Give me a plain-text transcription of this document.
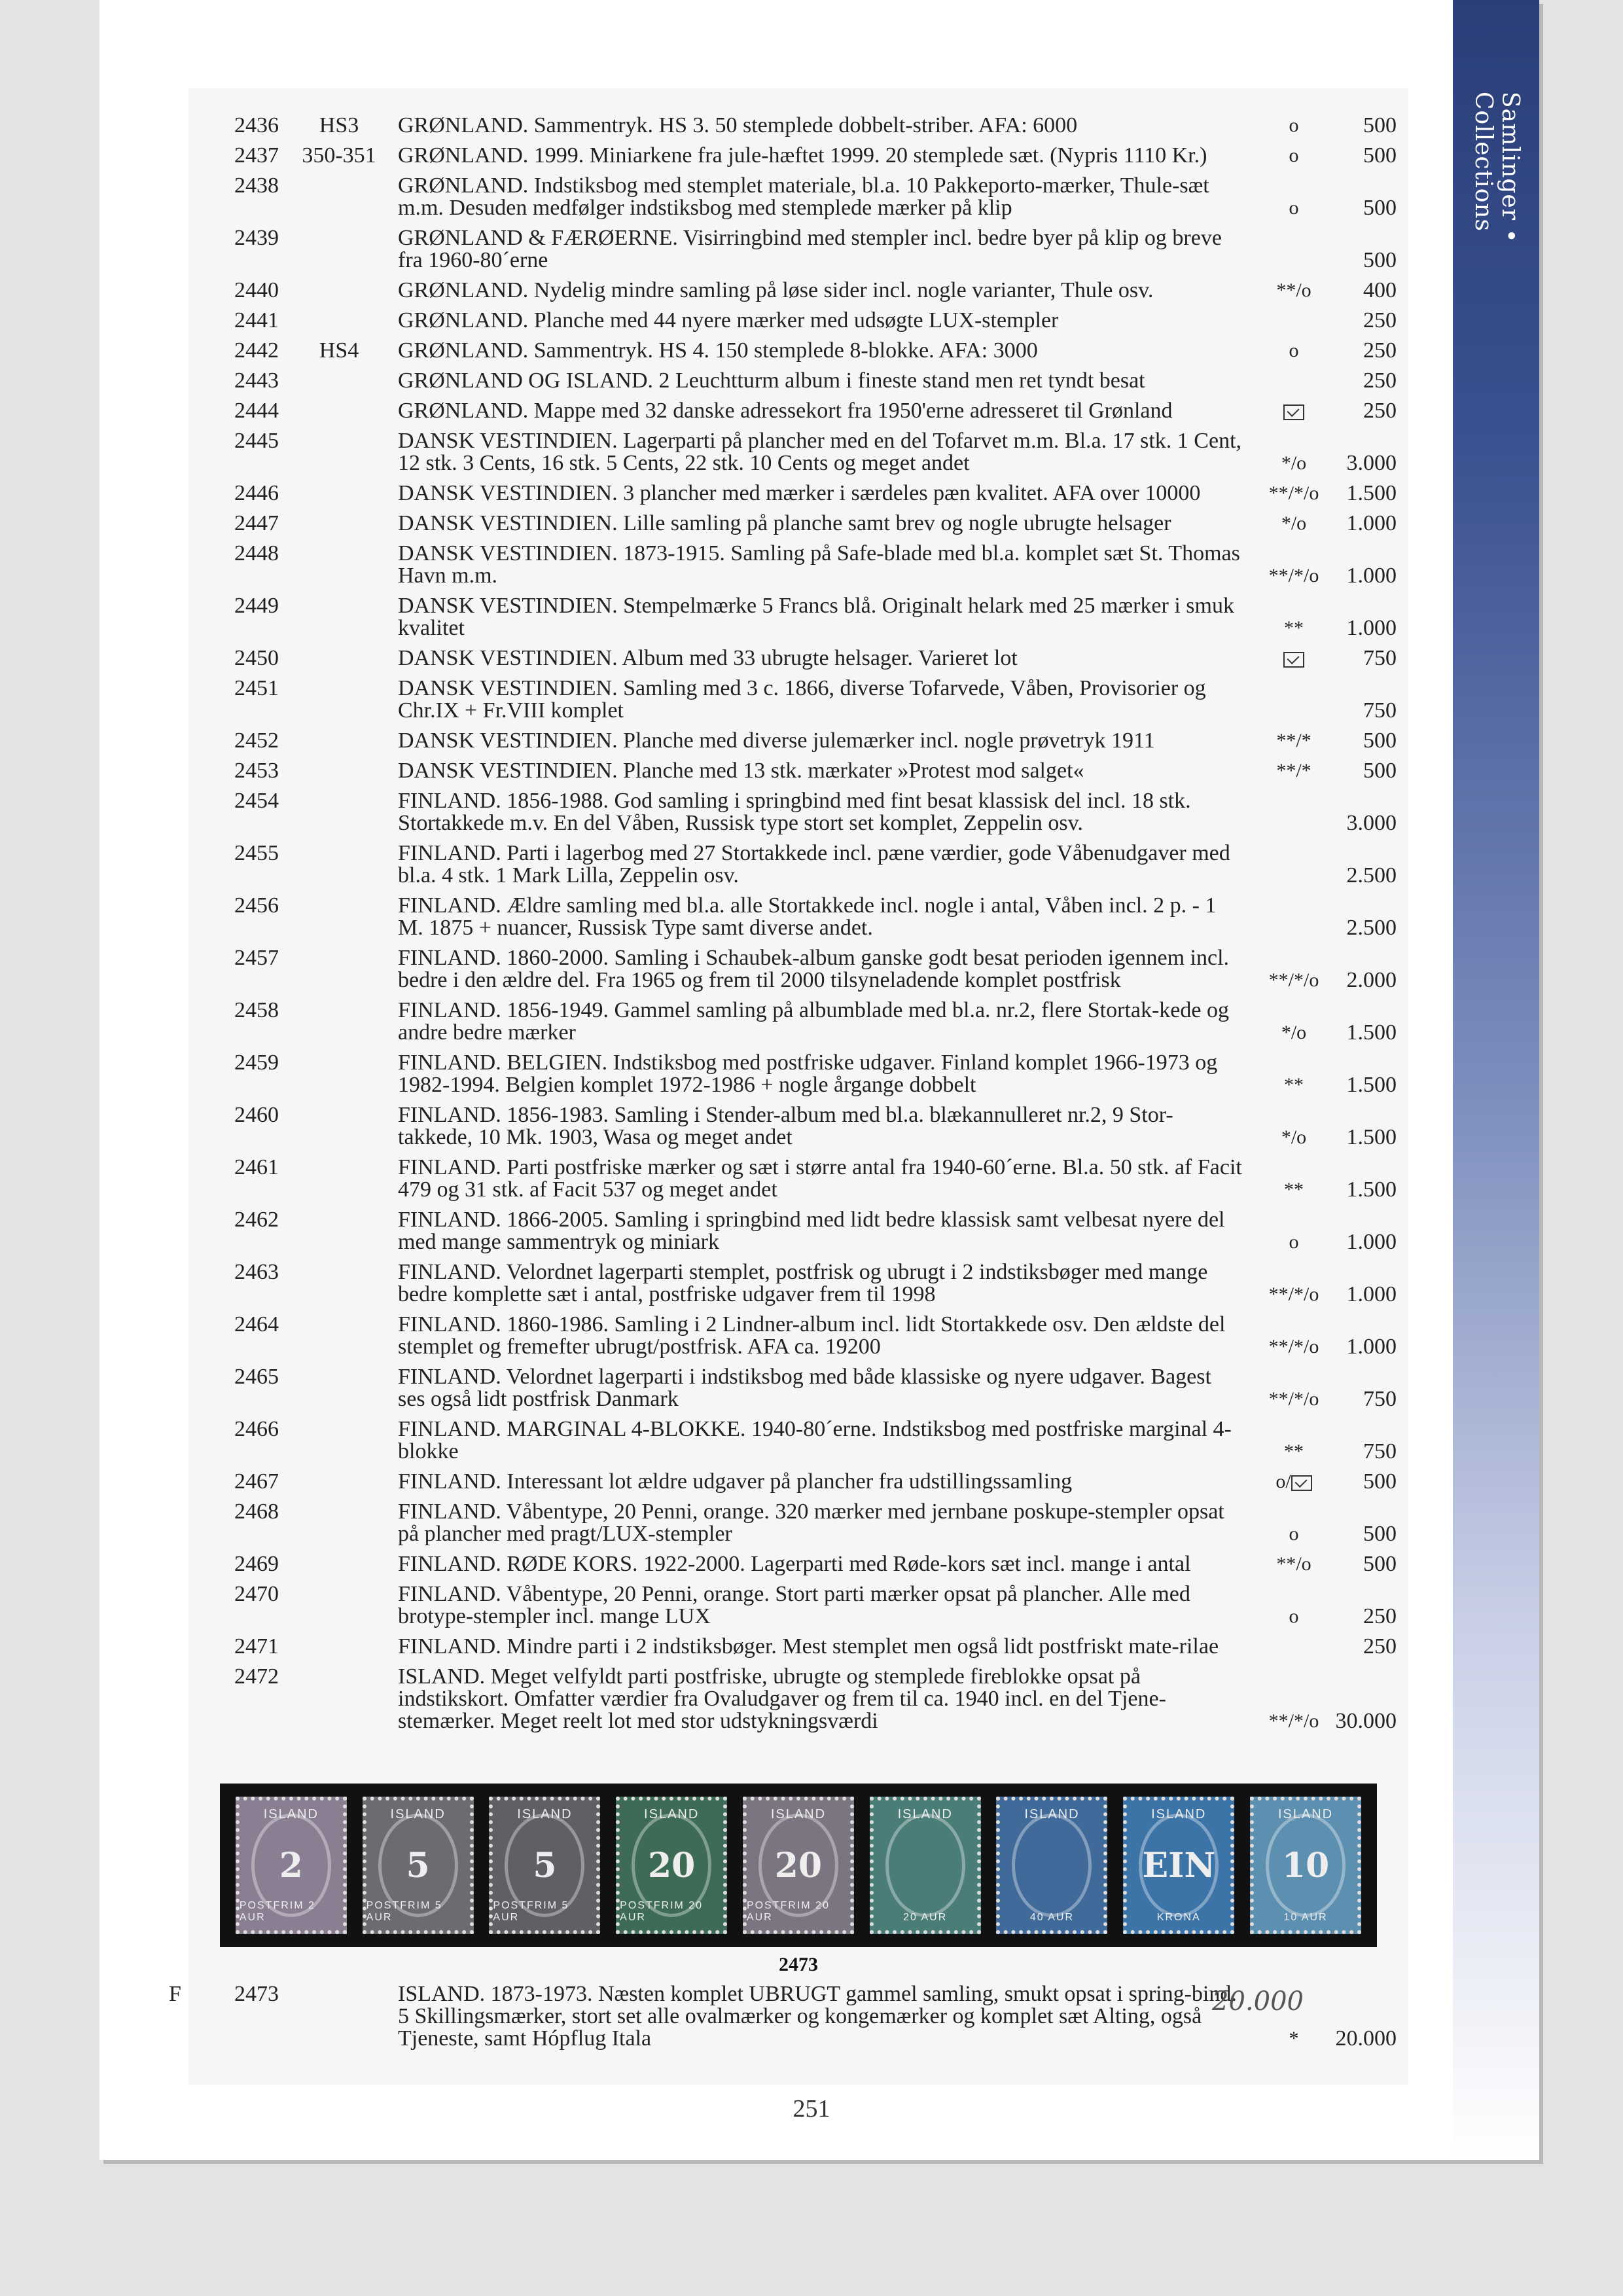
Samlinger • Collections
2436	HS3	GRØNLAND. Sammentryk. HS 3. 50 stemplede dobbelt-striber. AFA: 6000	o	500
2437	350-351 GRØNLAND. 1999. Miniarkene fra jule-hæftet 1999. 20 stemplede sæt. (Nypris 1110 Kr.)	o	500
2438	GRØNLAND. Indstiksbog med stemplet materiale, bl.a. 10 Pakkeporto-mærker, Thule-sæt m.m. Desuden medfølger indstiksbog med stemplede mærker på klip	o	500
2439	GRØNLAND & FÆRØERNE. Visirringbind med stempler incl. bedre byer på klip og breve fra 1960-80´erne	500
2440	GRØNLAND. Nydelig mindre samling på løse sider incl. nogle varianter, Thule osv.	**/o	400
2441	GRØNLAND. Planche med 44 nyere mærker med udsøgte LUX-stempler	250
2442	HS4	GRØNLAND. Sammentryk. HS 4. 150 stemplede 8-blokke. AFA: 3000	o	250
2443	GRØNLAND OG ISLAND. 2 Leuchtturm album i fineste stand men ret tyndt besat	250
2444	GRØNLAND. Mappe med 32 danske adressekort fra 1950'erne adresseret til Grønland	250
2445	DANSK VESTINDIEN. Lagerparti på plancher med en del Tofarvet m.m. Bl.a. 17 stk. 1 Cent, 12 stk. 3 Cents, 16 stk. 5 Cents, 22 stk. 10 Cents og meget andet	*/o	3.000
2446	DANSK VESTINDIEN. 3 plancher med mærker i særdeles pæn kvalitet. AFA over 10000	**/*/o	1.500
2447	DANSK VESTINDIEN. Lille samling på planche samt brev og nogle ubrugte helsager	*/o	1.000
2448	DANSK VESTINDIEN. 1873-1915. Samling på Safe-blade med bl.a. komplet sæt St. Thomas Havn m.m.	**/*/o	1.000
2449	DANSK VESTINDIEN. Stempelmærke 5 Francs blå. Originalt helark med 25 mærker i smuk kvalitet	**	1.000
2450	DANSK VESTINDIEN. Album med 33 ubrugte helsager. Varieret lot	750
2451	DANSK VESTINDIEN. Samling med 3 c. 1866, diverse Tofarvede, Våben, Provisorier og Chr.IX + Fr.VIII komplet	750
2452	DANSK VESTINDIEN. Planche med diverse julemærker incl. nogle prøvetryk 1911	**/*	500
2453	DANSK VESTINDIEN. Planche med 13 stk. mærkater »Protest mod salget«	**/*	500
2454	FINLAND. 1856-1988. God samling i springbind med fint besat klassisk del incl. 18 stk. Stortakkede m.v. En del Våben, Russisk type stort set komplet, Zeppelin osv.	3.000
2455	FINLAND. Parti i lagerbog med 27 Stortakkede incl. pæne værdier, gode Våbenudgaver med bl.a. 4 stk. 1 Mark Lilla, Zeppelin osv.	2.500
2456	FINLAND. Ældre samling med bl.a. alle Stortakkede incl. nogle i antal, Våben incl. 2 p. - 1 M. 1875 + nuancer, Russisk Type samt diverse andet.	2.500
2457	FINLAND. 1860-2000. Samling i Schaubek-album ganske godt besat perioden igennem incl. bedre i den ældre del. Fra 1965 og frem til 2000 tilsyneladende komplet postfrisk	**/*/o	2.000
2458	FINLAND. 1856-1949. Gammel samling på albumblade med bl.a. nr.2, flere Stortak-kede og andre bedre mærker	*/o	1.500
2459	FINLAND. BELGIEN. Indstiksbog med postfriske udgaver. Finland komplet 1966-1973 og 1982-1994. Belgien komplet 1972-1986 + nogle årgange dobbelt	**	1.500
2460	FINLAND. 1856-1983. Samling i Stender-album med bl.a. blækannulleret nr.2, 9 Stor-takkede, 10 Mk. 1903, Wasa og meget andet	*/o	1.500
2461	FINLAND. Parti postfriske mærker og sæt i større antal fra 1940-60´erne. Bl.a. 50 stk. af Facit 479 og 31 stk. af Facit 537 og meget andet	**	1.500
2462	FINLAND. 1866-2005. Samling i springbind med lidt bedre klassisk samt velbesat nyere del med mange sammentryk og miniark	o	1.000
2463	FINLAND. Velordnet lagerparti stemplet, postfrisk og ubrugt i 2 indstiksbøger med mange bedre komplette sæt i antal, postfriske udgaver frem til 1998	**/*/o	1.000
2464	FINLAND. 1860-1986. Samling i 2 Lindner-album incl. lidt Stortakkede osv. Den ældste del stemplet og fremefter ubrugt/postfrisk. AFA ca. 19200	**/*/o	1.000
2465	FINLAND. Velordnet lagerparti i indstiksbog med både klassiske og nyere udgaver. Bagest ses også lidt postfrisk Danmark	**/*/o	750
2466	FINLAND. MARGINAL 4-BLOKKE. 1940-80´erne. Indstiksbog med postfriske marginal 4-blokke	**	750
2467	FINLAND. Interessant lot ældre udgaver på plancher fra udstillingssamling	o/	500
2468	FINLAND. Våbentype, 20 Penni, orange. 320 mærker med jernbane poskupe-stempler opsat på plancher med pragt/LUX-stempler	o	500
2469	FINLAND. RØDE KORS. 1922-2000. Lagerparti med Røde-kors sæt incl. mange i antal	**/o	500
2470	FINLAND. Våbentype, 20 Penni, orange. Stort parti mærker opsat på plancher. Alle med brotype-stempler incl. mange LUX	o	250
2471	FINLAND. Mindre parti i 2 indstiksbøger. Mest stemplet men også lidt postfriskt mate-rilae	250
2472	ISLAND. Meget velfyldt parti postfriske, ubrugte og stemplede fireblokke opsat på indstikskort. Omfatter værdier fra Ovaludgaver og frem til ca. 1940 incl. en del Tjene-stemærker. Meget reelt lot med stor udstykningsværdi	**/*/o 30.000
ISLAND
2
POSTFRIM 2 AUR
ISLAND
5
POSTFRIM 5 AUR
ISLAND
5
POSTFRIM 5 AUR
ISLAND
20
POSTFRIM 20 AUR
ISLAND
20
POSTFRIM 20 AUR
ISLAND
20 AUR
ISLAND
40 AUR
ISLAND
EIN
KRONA
ISLAND
10
10 AUR
2473
F 2473	ISLAND. 1873-1973. Næsten komplet UBRUGT gammel samling, smukt opsat i spring-bind. 5 Skillingsmærker, stort set alle ovalmærker og kongemærker og komplet sæt Alting, også Tjeneste, samt Hópflug Itala	*	20.000
20.000
251
